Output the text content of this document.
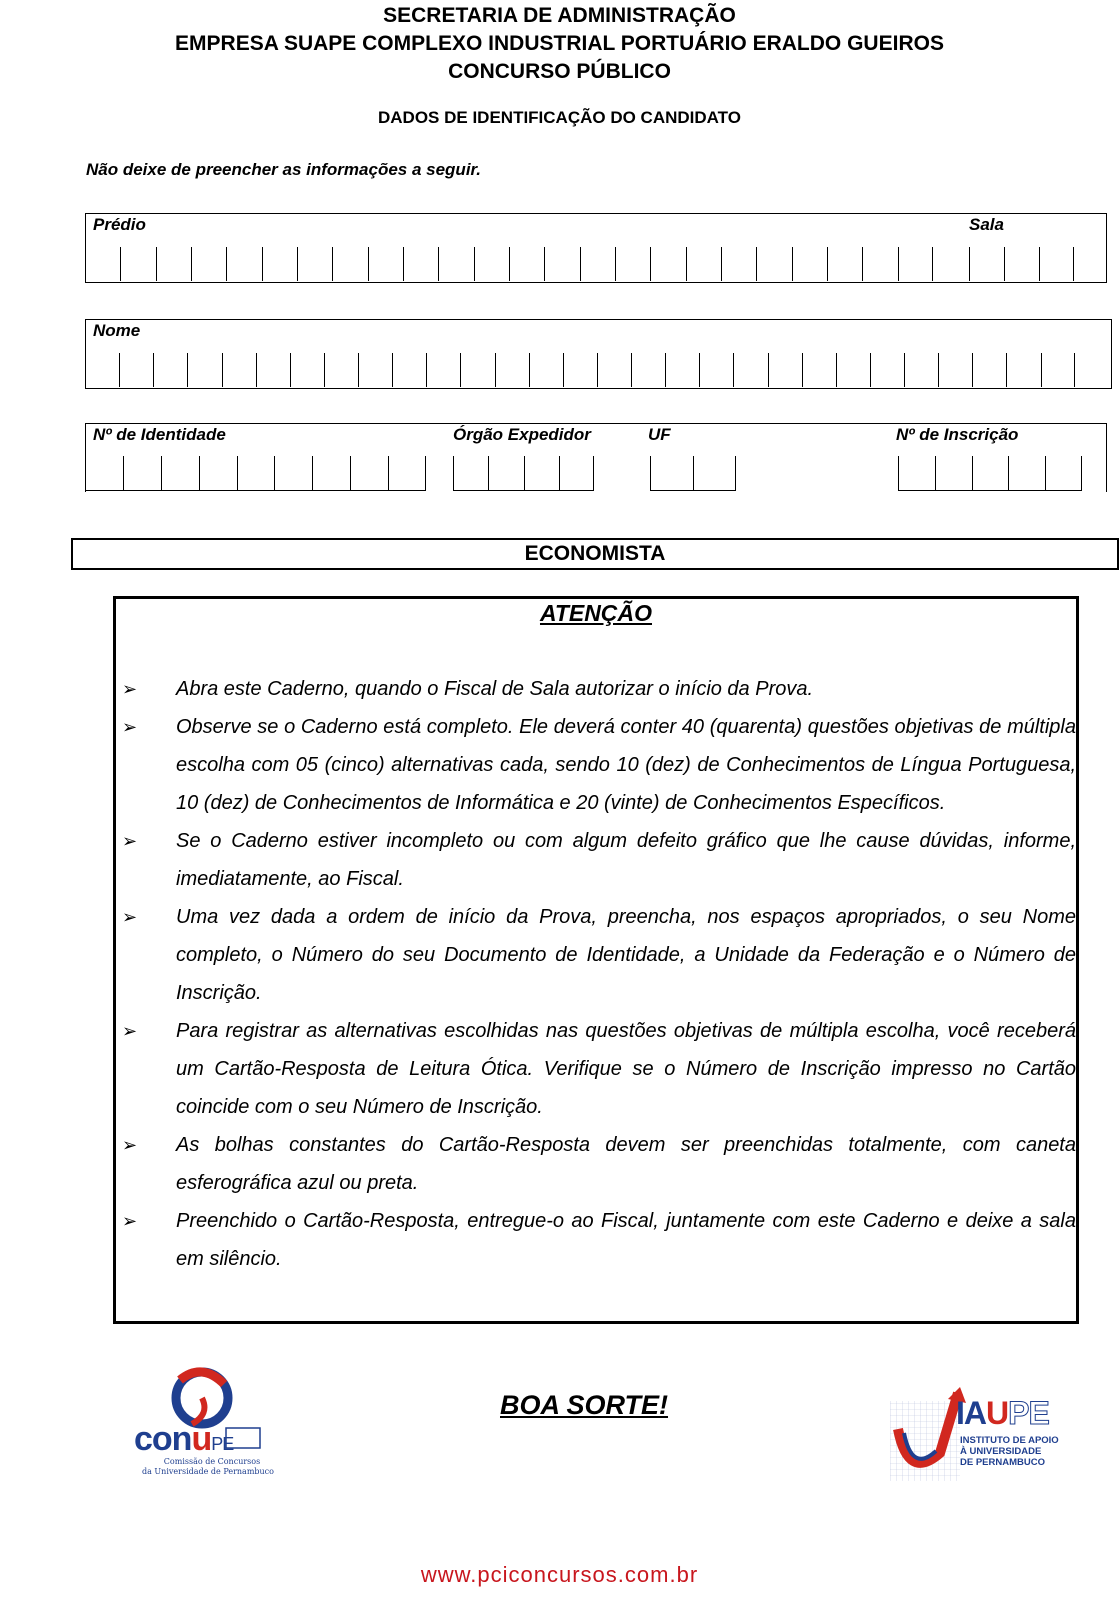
SECRETARIA DE ADMINISTRAÇÃO
EMPRESA SUAPE COMPLEXO INDUSTRIAL PORTUÁRIO ERALDO GUEIROS
CONCURSO PÚBLICO
DADOS DE IDENTIFICAÇÃO DO CANDIDATO
Não deixe de preencher as informações a seguir.
Prédio	Sala
Nome
Nº de Identidade	Órgão Expedidor	UF	Nº de Inscrição
ECONOMISTA
ATENÇÃO
➢ Abra este Caderno, quando o Fiscal de Sala autorizar o início da Prova.
➢ Observe se o Caderno está completo. Ele deverá conter 40 (quarenta) questões objetivas de múltipla escolha com 05 (cinco) alternativas cada, sendo 10 (dez) de Conhecimentos de Língua Portuguesa, 10 (dez) de Conhecimentos de Informática e 20 (vinte) de Conhecimentos Específicos.
➢ Se o Caderno estiver incompleto ou com algum defeito gráfico que lhe cause dúvidas, informe, imediatamente, ao Fiscal.
➢ Uma vez dada a ordem de início da Prova, preencha, nos espaços apropriados, o seu Nome completo, o Número do seu Documento de Identidade, a Unidade da Federação e o Número de Inscrição.
➢ Para registrar as alternativas escolhidas nas questões objetivas de múltipla escolha, você receberá um Cartão-Resposta de Leitura Ótica. Verifique se o Número de Inscrição impresso no Cartão coincide com o seu Número de Inscrição.
➢ As bolhas constantes do Cartão-Resposta devem ser preenchidas totalmente, com caneta esferográfica azul ou preta.
➢ Preenchido o Cartão-Resposta, entregue-o ao Fiscal, juntamente com este Caderno e deixe a sala em silêncio.
conuPE
Comissão de Concursos
da Universidade de Pernambuco
BOA SORTE!	IAUPE
INSTITUTO DE APOIO
À UNIVERSIDADE
DE PERNAMBUCO
www.pciconcursos.com.br
